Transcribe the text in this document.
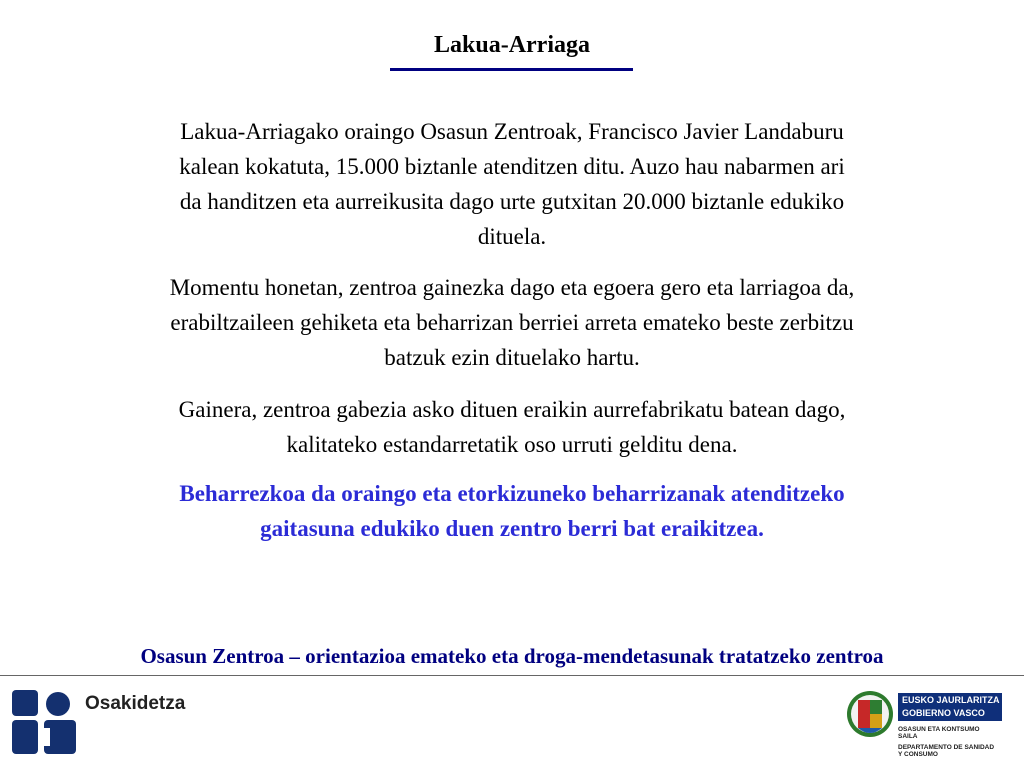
Lakua-Arriaga

Lakua-Arriagako oraingo Osasun Zentroak, Francisco Javier Landaburu
kalean kokatuta, 15.000 biztanle atenditzen ditu. Auzo hau nabarmen ari
da handitzen eta aurreikusita dago urte gutxitan 20.000 biztanle edukiko
dituela.

Momentu honetan, zentroa gainezka dago eta egoera gero eta larriagoa da,
erabiltzaileen gehiketa eta beharrizan berriei arreta emateko beste zerbitzu
batzuk ezin dituelako hartu.

Gainera, zentroa gabezia asko dituen eraikin aurrefabrikatu batean dago,
kalitateko estandarretatik oso urruti gelditu dena.

Beharrezkoa da oraingo eta etorkizuneko beharrizanak atenditzeko
gaitasuna edukiko duen zentro berri bat eraikitzea.

Osasun Zentroa – orientazioa emateko eta droga-mendetasunak tratatzeko zentroa
Osakidetza	EUSKO JAURLARITZA
GOBIERNO VASCO
OSASUN ETA KONTSUMO
SAILA
DEPARTAMENTO DE SANIDAD
Y CONSUMO
